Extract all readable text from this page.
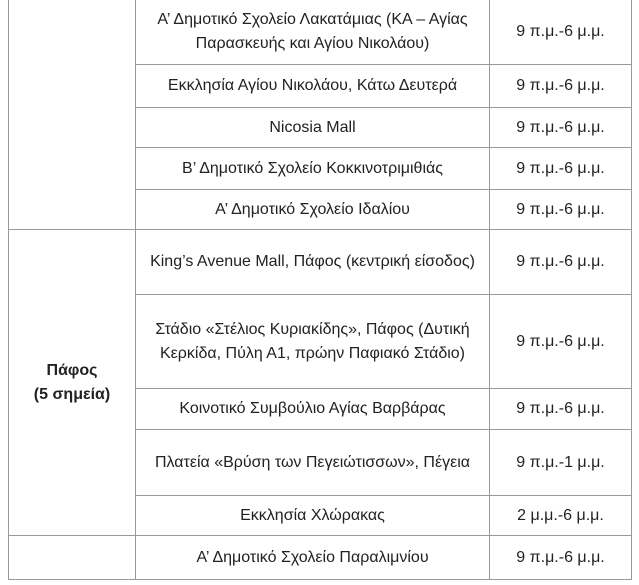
	Α’ Δημοτικό Σχολείο Λακατάμιας (ΚΑ – Αγίας Παρασκευής και Αγίου Νικολάου)	9 π.μ.-6 μ.μ.
	Εκκλησία Αγίου Νικολάου, Κάτω Δευτερά	9 π.μ.-6 μ.μ.
	Nicosia Mall	9 π.μ.-6 μ.μ.
	Β’ Δημοτικό Σχολείο Κοκκινοτριμιθιάς	9 π.μ.-6 μ.μ.
	Α’ Δημοτικό Σχολείο Ιδαλίου	9 π.μ.-6 μ.μ.

Πάφος
(5 σημεία)	King’s Avenue Mall, Πάφος (κεντρική είσοδος)	9 π.μ.-6 μ.μ.
	Στάδιο «Στέλιος Κυριακίδης», Πάφος (Δυτική Κερκίδα, Πύλη Α1, πρώην Παφιακό Στάδιο)	9 π.μ.-6 μ.μ.
	Κοινοτικό Συμβούλιο Αγίας Βαρβάρας	9 π.μ.-6 μ.μ.
	Πλατεία «Βρύση των Πεγειώτισσων», Πέγεια	9 π.μ.-1 μ.μ.
	Εκκλησία Χλώρακας	2 μ.μ.-6 μ.μ.

	Α’ Δημοτικό Σχολείο Παραλιμνίου	9 π.μ.-6 μ.μ.
